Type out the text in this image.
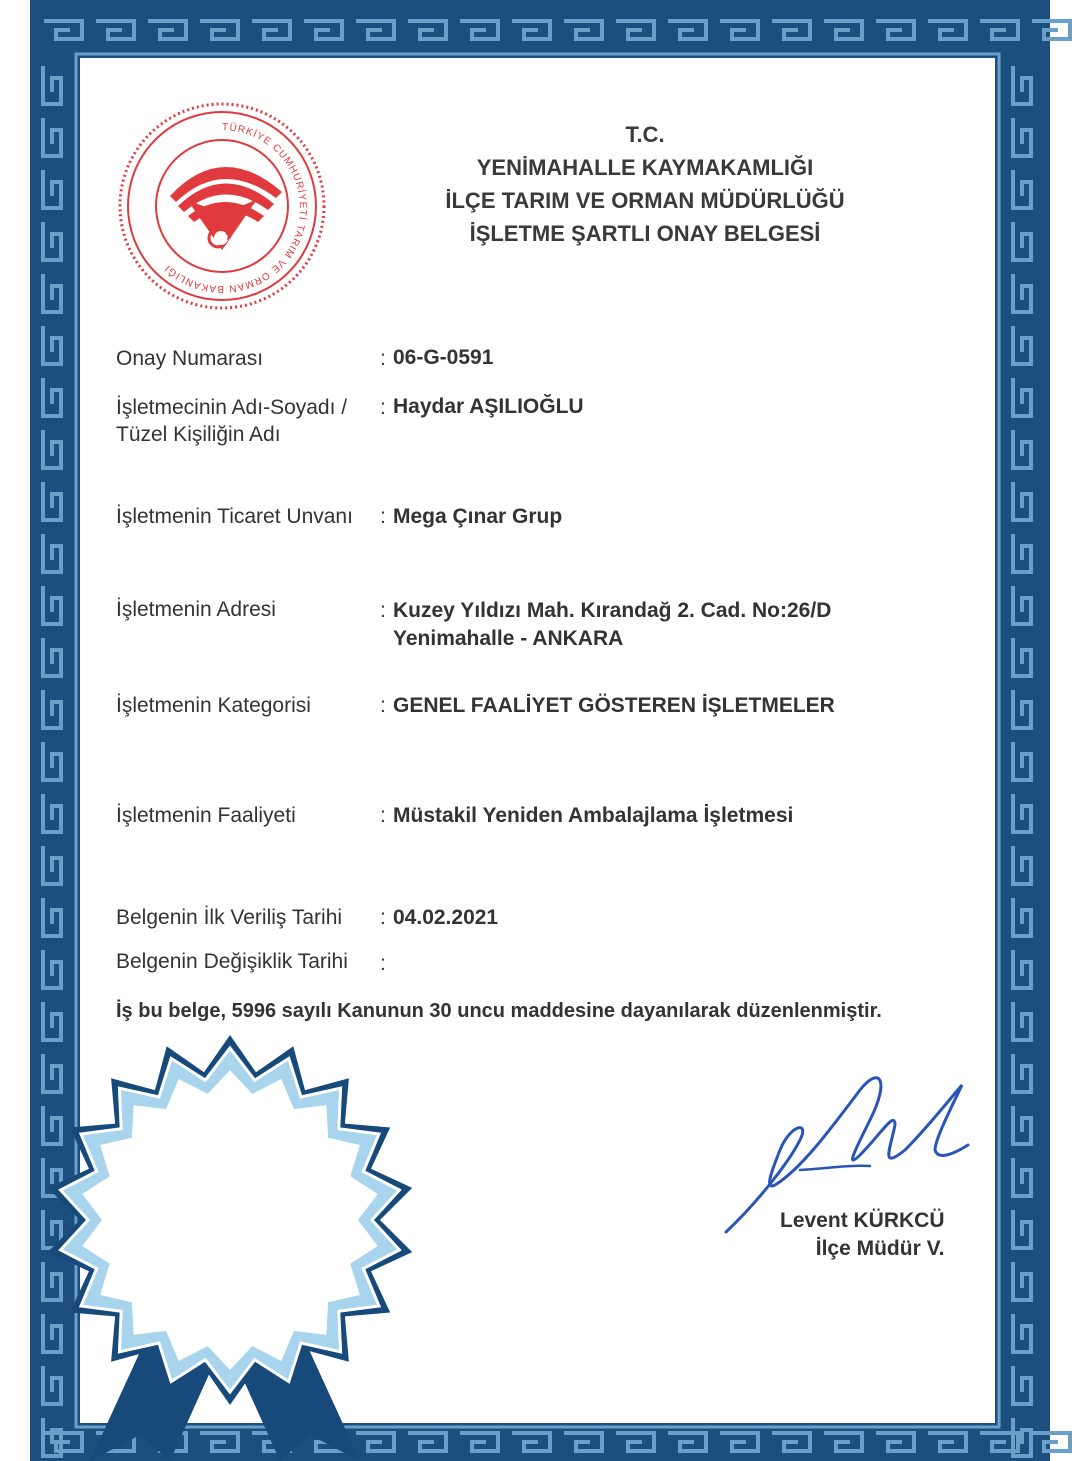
TÜRKİYE CUMHURİYETİ TARIM VE ORMAN BAKANLIĞI
T.C.
YENİMAHALLE KAYMAKAMLIĞI
İLÇE TARIM VE ORMAN MÜDÜRLÜĞÜ
İŞLETME ŞARTLI ONAY BELGESİ
Onay Numarası	: 06-G-0591
İşletmecinin Adı-Soyadı /
Tüzel Kişiliğin Adı
: Haydar AŞILIOĞLU
İşletmenin Ticaret Unvanı : Mega Çınar Grup
İşletmenin Adresi	: Kuzey Yıldızı Mah. Kırandağ 2. Cad. No:26/D
Yenimahalle - ANKARA
İşletmenin Kategorisi	: GENEL FAALİYET GÖSTEREN İŞLETMELER
İşletmenin Faaliyeti	: Müstakil Yeniden Ambalajlama İşletmesi
Belgenin İlk Veriliş Tarihi : 04.02.2021
Belgenin Değişiklik Tarihi :
İş bu belge, 5996 sayılı Kanunun 30 uncu maddesine dayanılarak düzenlenmiştir.
Levent KÜRKCÜ
İlçe Müdür V.
